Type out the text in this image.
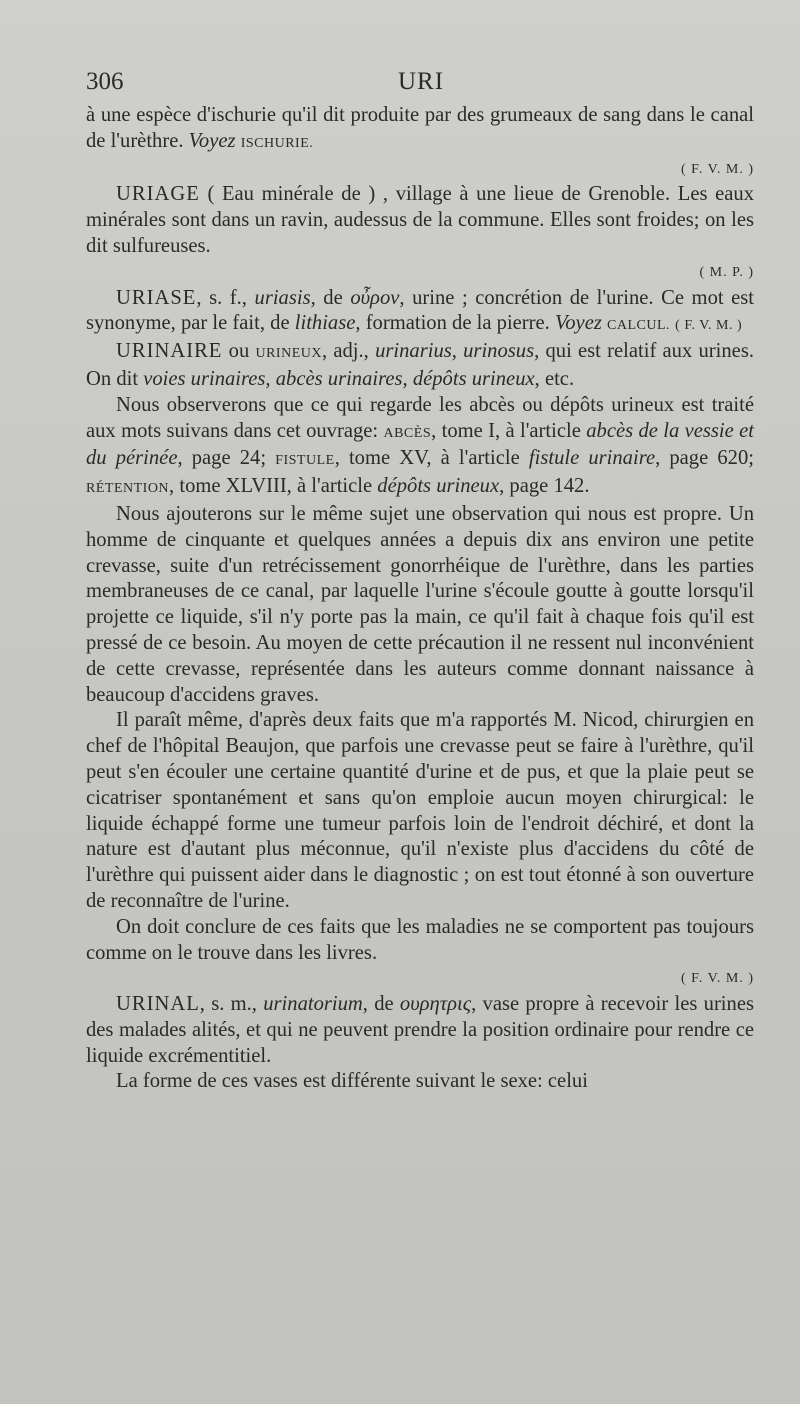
306	URI

à une espèce d'ischurie qu'il dit produite par des grumeaux de sang dans le canal de l'urèthre. Voyez ISCHURIE.

( F. V. M. )

URIAGE ( Eau minérale de ) , village à une lieue de Grenoble. Les eaux minérales sont dans un ravin, audessus de la commune. Elles sont froides; on les dit sulfureuses.

( M. P. )

URIASE, s. f., uriasis, de οὖρον, urine ; concrétion de l'urine. Ce mot est synonyme, par le fait, de lithiase, formation de la pierre. Voyez CALCUL. ( F. V. M. )

URINAIRE ou URINEUX, adj., urinarius, urinosus, qui est relatif aux urines. On dit voies urinaires, abcès urinaires, dépôts urineux, etc.

Nous observerons que ce qui regarde les abcès ou dépôts urineux est traité aux mots suivans dans cet ouvrage: ABCÈS, tome I, à l'article abcès de la vessie et du périnée, page 24; FISTULE, tome XV, à l'article fistule urinaire, page 620; RÉTENTION, tome XLVIII, à l'article dépôts urineux, page 142.

Nous ajouterons sur le même sujet une observation qui nous est propre. Un homme de cinquante et quelques années a depuis dix ans environ une petite crevasse, suite d'un retrécissement gonorrhéique de l'urèthre, dans les parties membraneuses de ce canal, par laquelle l'urine s'écoule goutte à goutte lorsqu'il projette ce liquide, s'il n'y porte pas la main, ce qu'il fait à chaque fois qu'il est pressé de ce besoin. Au moyen de cette précaution il ne ressent nul inconvénient de cette crevasse, représentée dans les auteurs comme donnant naissance à beaucoup d'accidens graves.

Il paraît même, d'après deux faits que m'a rapportés M. Nicod, chirurgien en chef de l'hôpital Beaujon, que parfois une crevasse peut se faire à l'urèthre, qu'il peut s'en écouler une certaine quantité d'urine et de pus, et que la plaie peut se cicatriser spontanément et sans qu'on emploie aucun moyen chirurgical: le liquide échappé forme une tumeur parfois loin de l'endroit déchiré, et dont la nature est d'autant plus méconnue, qu'il n'existe plus d'accidens du côté de l'urèthre qui puissent aider dans le diagnostic ; on est tout étonné à son ouverture de reconnaître de l'urine.

On doit conclure de ces faits que les maladies ne se comportent pas toujours comme on le trouve dans les livres.

( F. V. M. )

URINAL, s. m., urinatorium, de ουρητρις, vase propre à recevoir les urines des malades alités, et qui ne peuvent prendre la position ordinaire pour rendre ce liquide excrémentitiel.

La forme de ces vases est différente suivant le sexe: celui
